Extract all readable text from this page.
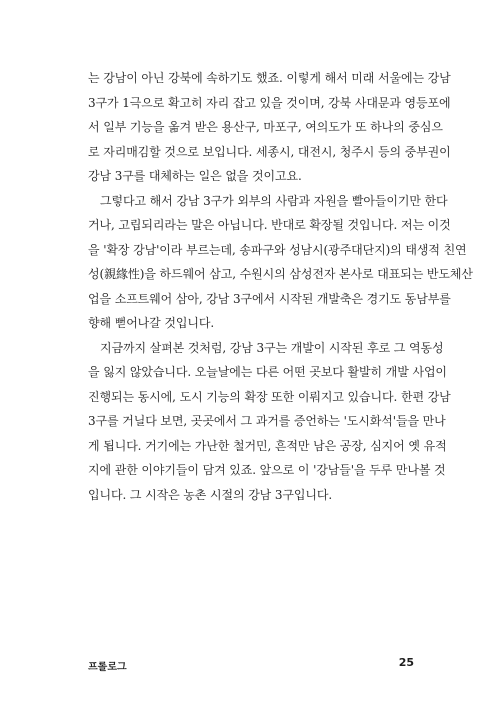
는 강남이 아닌 강북에 속하기도 했죠. 이렇게 해서 미래 서울에는 강남
3구가 1극으로 확고히 자리 잡고 있을 것이며, 강북 사대문과 영등포에
서 일부 기능을 옮겨 받은 용산구, 마포구, 여의도가 또 하나의 중심으
로 자리매김할 것으로 보입니다. 세종시, 대전시, 청주시 등의 중부권이
강남 3구를 대체하는 일은 없을 것이고요.
그렇다고 해서 강남 3구가 외부의 사람과 자원을 빨아들이기만 한다
거나, 고립되리라는 말은 아닙니다. 반대로 확장될 것입니다. 저는 이것
을 '확장 강남'이라 부르는데, 송파구와 성남시(광주대단지)의 태생적 친연
성(親緣性)을 하드웨어 삼고, 수원시의 삼성전자 본사로 대표되는 반도체산
업을 소프트웨어 삼아, 강남 3구에서 시작된 개발축은 경기도 동남부를
향해 뻗어나갈 것입니다.
지금까지 살펴본 것처럼, 강남 3구는 개발이 시작된 후로 그 역동성
을 잃지 않았습니다. 오늘날에는 다른 어떤 곳보다 활발히 개발 사업이
진행되는 동시에, 도시 기능의 확장 또한 이뤄지고 있습니다. 한편 강남
3구를 거닐다 보면, 곳곳에서 그 과거를 증언하는 '도시화석'들을 만나
게 됩니다. 거기에는 가난한 철거민, 흔적만 남은 공장, 심지어 옛 유적
지에 관한 이야기들이 담겨 있죠. 앞으로 이 '강남들'을 두루 만나볼 것
입니다. 그 시작은 농촌 시절의 강남 3구입니다.
프롤로그	25
